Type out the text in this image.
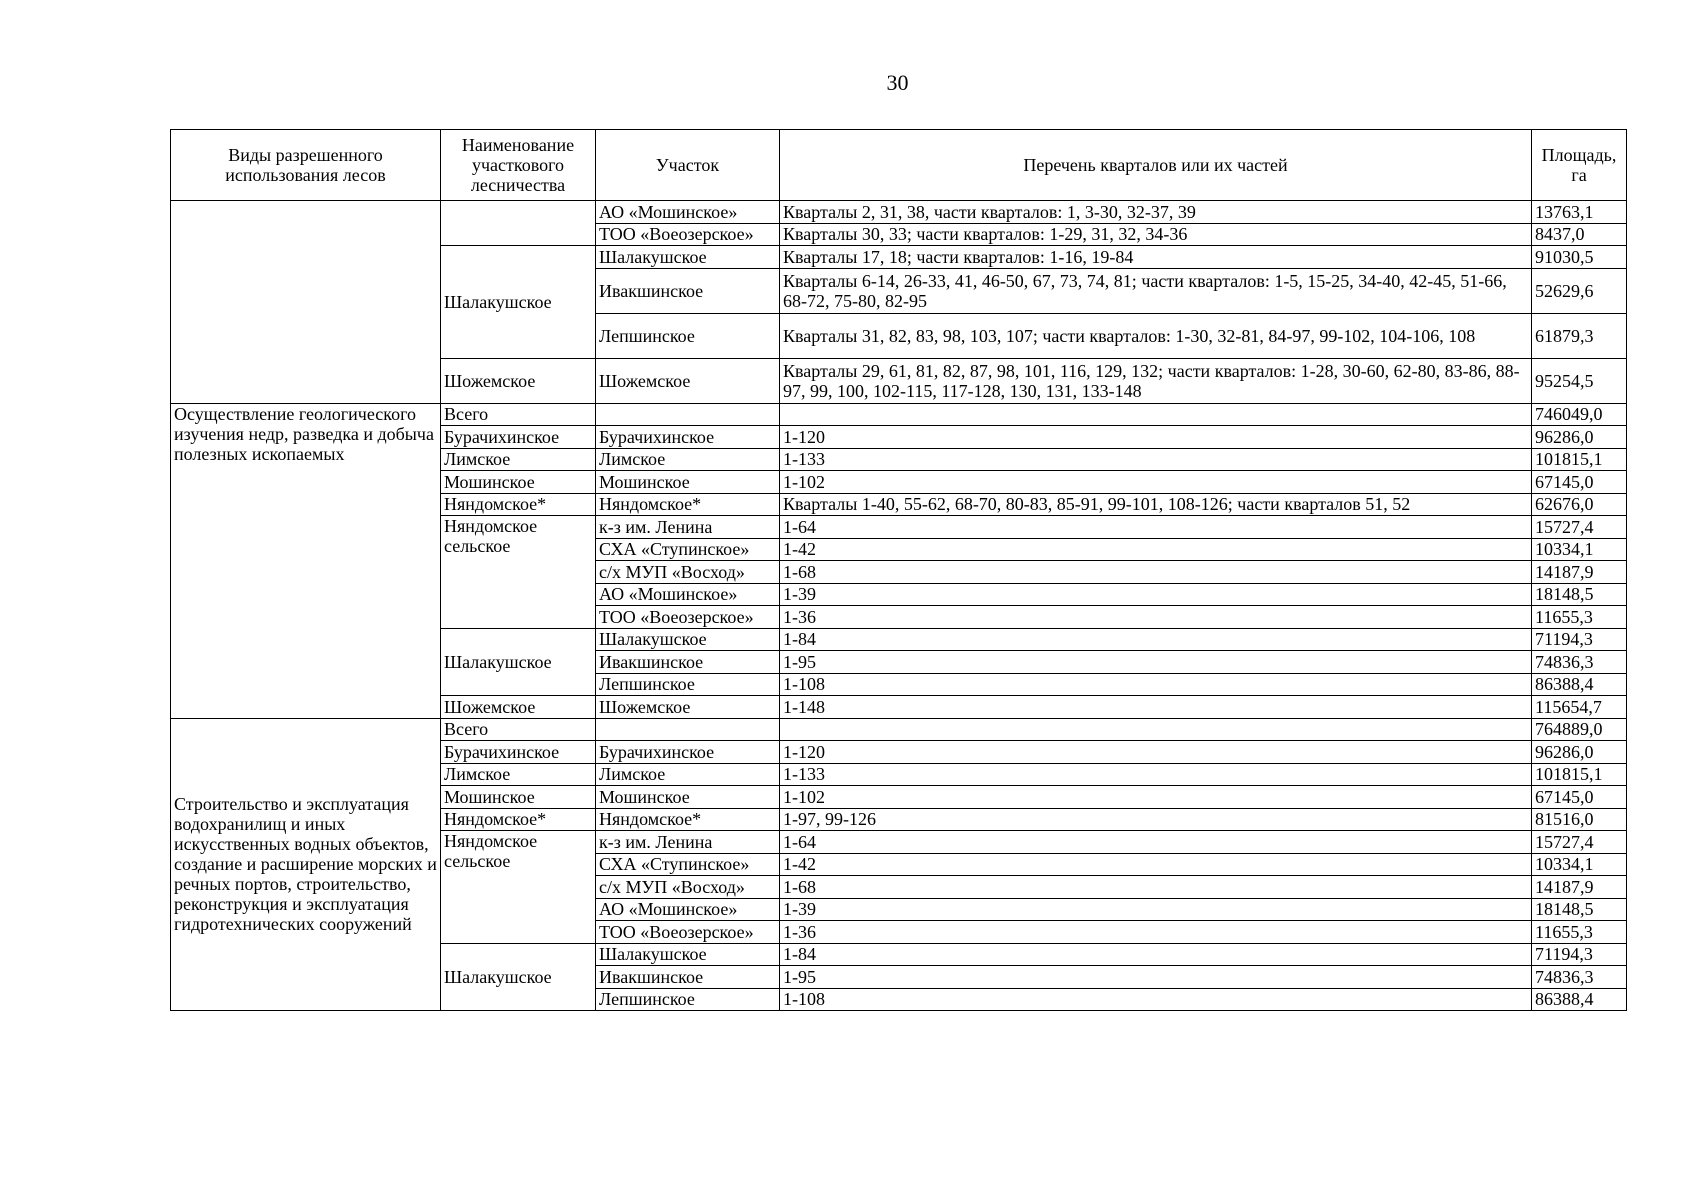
30
Виды разрешенного использования лесов	Наименование участкового лесничества	Участок	Перечень кварталов или их частей	Площадь, га
		АО «Мошинское»	Кварталы 2, 31, 38, части кварталов: 1, 3-30, 32-37, 39	13763,1
		ТОО «Воеозерское»	Кварталы 30, 33; части кварталов: 1-29, 31, 32, 34-36	8437,0
	Шалакушское	Шалакушское	Кварталы 17, 18; части кварталов: 1-16, 19-84	91030,5
		Ивакшинское	Кварталы 6-14, 26-33, 41, 46-50, 67, 73, 74, 81; части кварталов: 1-5, 15-25, 34-40, 42-45, 51-66, 68-72, 75-80, 82-95	52629,6
		Лепшинское	Кварталы 31, 82, 83, 98, 103, 107; части кварталов: 1-30, 32-81, 84-97, 99-102, 104-106, 108	61879,3
	Шожемское	Шожемское	Кварталы 29, 61, 81, 82, 87, 98, 101, 116, 129, 132; части кварталов: 1-28, 30-60, 62-80, 83-86, 88-97, 99, 100, 102-115, 117-128, 130, 131, 133-148	95254,5
Осуществление геологического изучения недр, разведка и добыча полезных ископаемых	Всего			746049,0
	Бурачихинское	Бурачихинское	1-120	96286,0
	Лимское	Лимское	1-133	101815,1
	Мошинское	Мошинское	1-102	67145,0
	Няндомское*	Няндомское*	Кварталы 1-40, 55-62, 68-70, 80-83, 85-91, 99-101, 108-126; части кварталов 51, 52	62676,0
	Няндомское сельское	к-з им. Ленина	1-64	15727,4
		СХА «Ступинское»	1-42	10334,1
		с/х МУП «Восход»	1-68	14187,9
		АО «Мошинское»	1-39	18148,5
		ТОО «Воеозерское»	1-36	11655,3
	Шалакушское	Шалакушское	1-84	71194,3
		Ивакшинское	1-95	74836,3
		Лепшинское	1-108	86388,4
	Шожемское	Шожемское	1-148	115654,7
Строительство и эксплуатация водохранилищ и иных искусственных водных объектов, создание и расширение морских и речных портов, строительство, реконструкция и эксплуатация гидротехнических сооружений	Всего			764889,0
	Бурачихинское	Бурачихинское	1-120	96286,0
	Лимское	Лимское	1-133	101815,1
	Мошинское	Мошинское	1-102	67145,0
	Няндомское*	Няндомское*	1-97, 99-126	81516,0
	Няндомское сельское	к-з им. Ленина	1-64	15727,4
		СХА «Ступинское»	1-42	10334,1
		с/х МУП «Восход»	1-68	14187,9
		АО «Мошинское»	1-39	18148,5
		ТОО «Воеозерское»	1-36	11655,3
	Шалакушское	Шалакушское	1-84	71194,3
		Ивакшинское	1-95	74836,3
		Лепшинское	1-108	86388,4
